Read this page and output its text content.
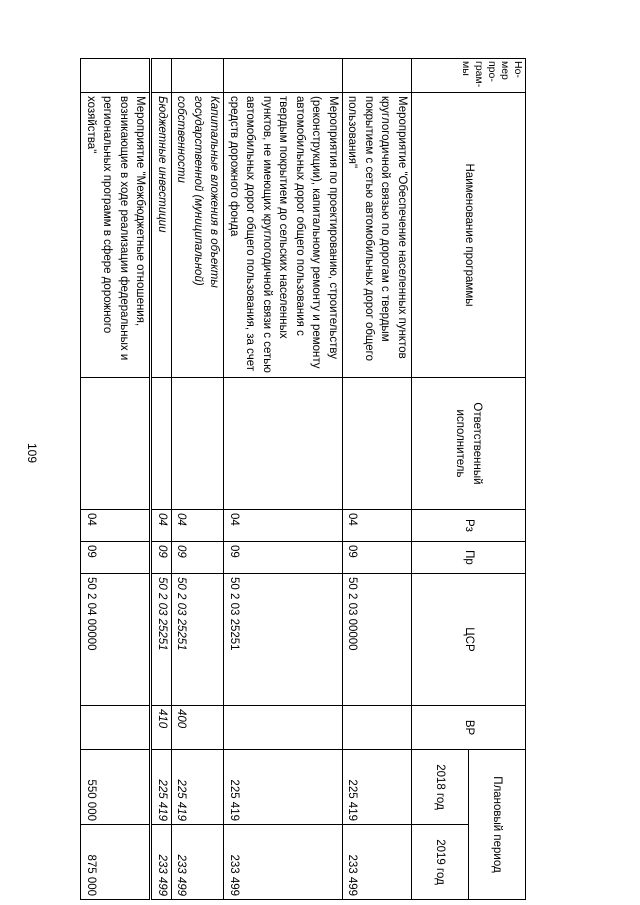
109
Но-мер про-грам-мы	Наименование программы	Ответственный исполнитель	Рз	Пр	ЦСР	ВР	Плановый период	
							2018 год	2019 год
	Мероприятие "Обеспечение населенных пунктов круглогодичной связью по дорогам с твердым покрытием с сетью автомобильных дорог общего пользования"		04	09	50 2 03 00000		225 419	233 499
	Мероприятия по проектированию, строительству (реконструкции), капитальному ремонту и ремонту автомобильных дорог общего пользования с твердым покрытием до сельских населенных пунктов, не имеющих круглогодичной связи с сетью автомобильных дорог общего пользования, за счет средств дорожного фонда		04	09	50 2 03 25251		225 419	233 499
	Капитальные вложения в объекты государственной (муниципальной) собственности		04	09	50 2 03 25251	400	225 419	233 499
	Бюджетные инвестиции		04	09	50 2 03 25251	410	225 419	233 499
	Мероприятие "Межбюджетные отношения, возникающие в ходе реализации федеральных и региональных программ в сфере дорожного хозяйства"		04	09	50 2 04 00000		550 000	875 000
